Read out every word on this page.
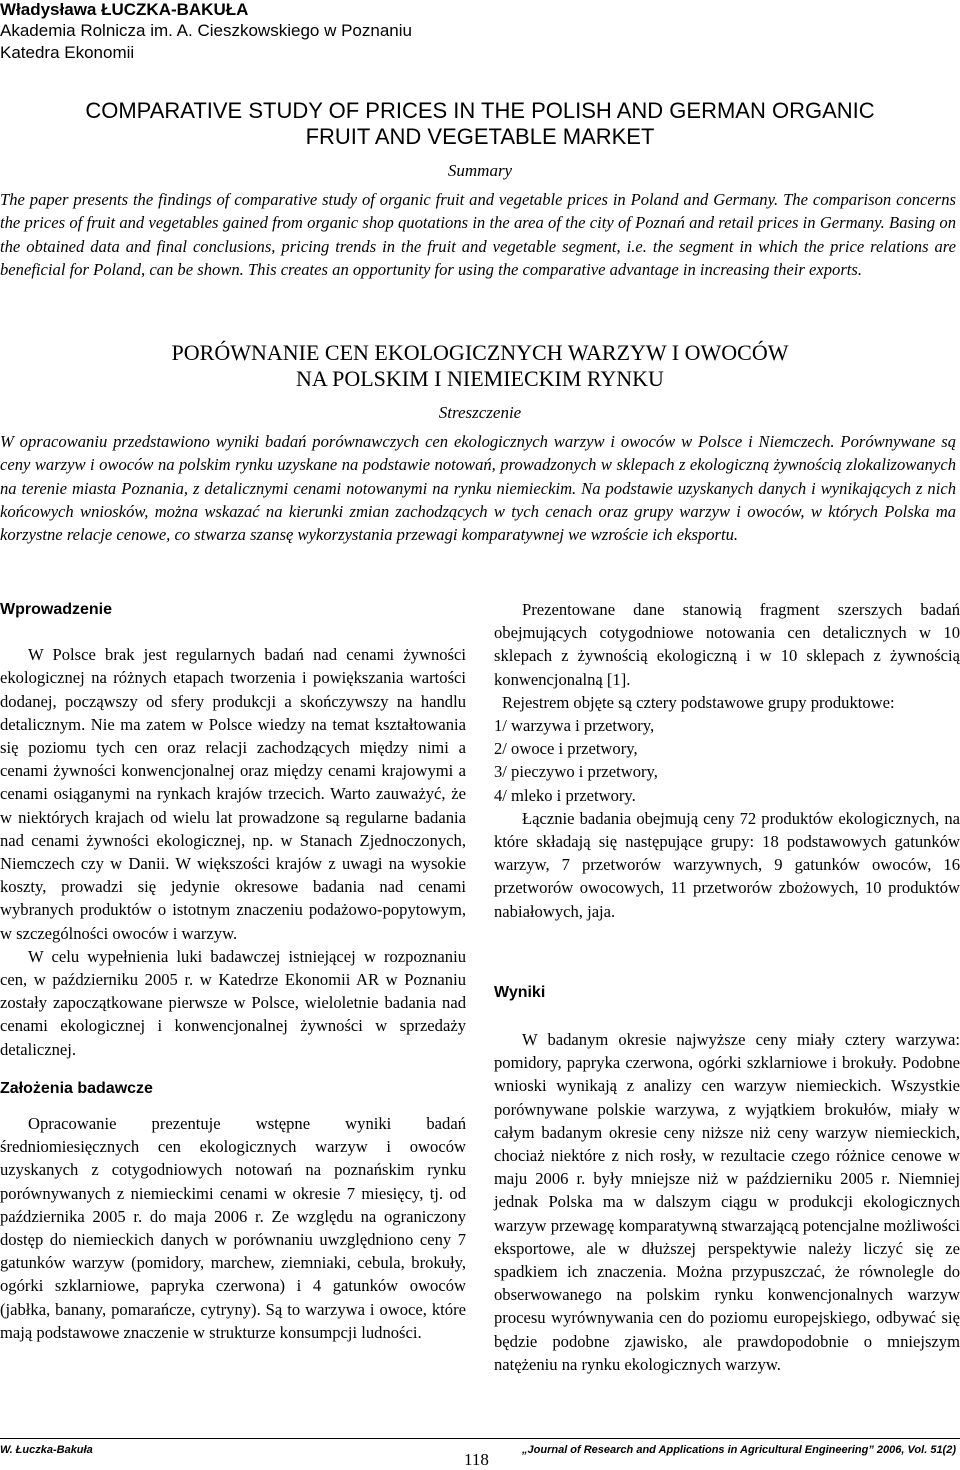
Władysława ŁUCZKA-BAKUŁA
Akademia Rolnicza im. A. Cieszkowskiego w Poznaniu
Katedra Ekonomii
COMPARATIVE STUDY OF PRICES IN THE POLISH AND GERMAN ORGANIC
FRUIT AND VEGETABLE MARKET
Summary
The paper presents the findings of comparative study of organic fruit and vegetable prices in Poland and Germany. The comparison concerns the prices of fruit and vegetables gained from organic shop quotations in the area of the city of Poznań and retail prices in Germany. Basing on the obtained data and final conclusions, pricing trends in the fruit and vegetable segment, i.e. the segment in which the price relations are beneficial for Poland, can be shown. This creates an opportunity for using the comparative advantage in increasing their exports.
PORÓWNANIE CEN EKOLOGICZNYCH WARZYW I OWOCÓW
NA POLSKIM I NIEMIECKIM RYNKU
Streszczenie
W opracowaniu przedstawiono wyniki badań porównawczych cen ekologicznych warzyw i owoców w Polsce i Niemczech. Porównywane są ceny warzyw i owoców na polskim rynku uzyskane na podstawie notowań, prowadzonych w sklepach z ekologiczną żywnością zlokalizowanych na terenie miasta Poznania, z detalicznymi cenami notowanymi na rynku niemieckim. Na podstawie uzyskanych danych i wynikających z nich końcowych wniosków, można wskazać na kierunki zmian zachodzących w tych cenach oraz grupy warzyw i owoców, w których Polska ma korzystne relacje cenowe, co stwarza szansę wykorzystania przewagi komparatywnej we wzroście ich eksportu.
Wprowadzenie

W Polsce brak jest regularnych badań nad cenami żywności ekologicznej na różnych etapach tworzenia i powiększania wartości dodanej, począwszy od sfery produkcji a skończywszy na handlu detalicznym. Nie ma zatem w Polsce wiedzy na temat kształtowania się poziomu tych cen oraz relacji zachodzących między nimi a cenami żywności konwencjonalnej oraz między cenami krajowymi a cenami osiąganymi na rynkach krajów trzecich. Warto zauważyć, że w niektórych krajach od wielu lat prowadzone są regularne badania nad cenami żywności ekologicznej, np. w Stanach Zjednoczonych, Niemczech czy w Danii. W większości krajów z uwagi na wysokie koszty, prowadzi się jedynie okresowe badania nad cenami wybranych produktów o istotnym znaczeniu podażowo-popytowym, w szczególności owoców i warzyw.

W celu wypełnienia luki badawczej istniejącej w rozpoznaniu cen, w październiku 2005 r. w Katedrze Ekonomii AR w Poznaniu zostały zapoczątkowane pierwsze w Polsce, wieloletnie badania nad cenami ekologicznej i konwencjonalnej żywności w sprzedaży detalicznej.

Założenia badawcze

Opracowanie prezentuje wstępne wyniki badań średniomiesięcznych cen ekologicznych warzyw i owoców uzyskanych z cotygodniowych notowań na poznańskim rynku porównywanych z niemieckimi cenami w okresie 7 miesięcy, tj. od października 2005 r. do maja 2006 r. Ze względu na ograniczony dostęp do niemieckich danych w porównaniu uwzględniono ceny 7 gatunków warzyw (pomidory, marchew, ziemniaki, cebula, brokuły, ogórki szklarniowe, papryka czerwona) i 4 gatunków owoców (jabłka, banany, pomarańcze, cytryny). Są to warzywa i owoce, które mają podstawowe znaczenie w strukturze konsumpcji ludności.

Prezentowane dane stanowią fragment szerszych badań obejmujących cotygodniowe notowania cen detalicznych w 10 sklepach z żywnością ekologiczną i w 10 sklepach z żywnością konwencjonalną [1].

Rejestrem objęte są cztery podstawowe grupy produktowe:

1/ warzywa i przetwory,
2/ owoce i przetwory,
3/ pieczywo i przetwory,
4/ mleko i przetwory.

Łącznie badania obejmują ceny 72 produktów ekologicznych, na które składają się następujące grupy: 18 podstawowych gatunków warzyw, 7 przetworów warzywnych, 9 gatunków owoców, 16 przetworów owocowych, 11 przetworów zbożowych, 10 produktów nabiałowych, jaja.

Wyniki

W badanym okresie najwyższe ceny miały cztery warzywa: pomidory, papryka czerwona, ogórki szklarniowe i brokuły. Podobne wnioski wynikają z analizy cen warzyw niemieckich. Wszystkie porównywane polskie warzywa, z wyjątkiem brokułów, miały w całym badanym okresie ceny niższe niż ceny warzyw niemieckich, chociaż niektóre z nich rosły, w rezultacie czego różnice cenowe w maju 2006 r. były mniejsze niż w październiku 2005 r. Niemniej jednak Polska ma w dalszym ciągu w produkcji ekologicznych warzyw przewagę komparatywną stwarzającą potencjalne możliwości eksportowe, ale w dłuższej perspektywie należy liczyć się ze spadkiem ich znaczenia. Można przypuszczać, że równolegle do obserwowanego na polskim rynku konwencjonalnych warzyw procesu wyrównywania cen do poziomu europejskiego, odbywać się będzie podobne zjawisko, ale prawdopodobnie o mniejszym natężeniu na rynku ekologicznych warzyw.

W. Łuczka-Bakuła	118	„Journal of Research and Applications in Agricultural Engineering” 2006, Vol. 51(2)
